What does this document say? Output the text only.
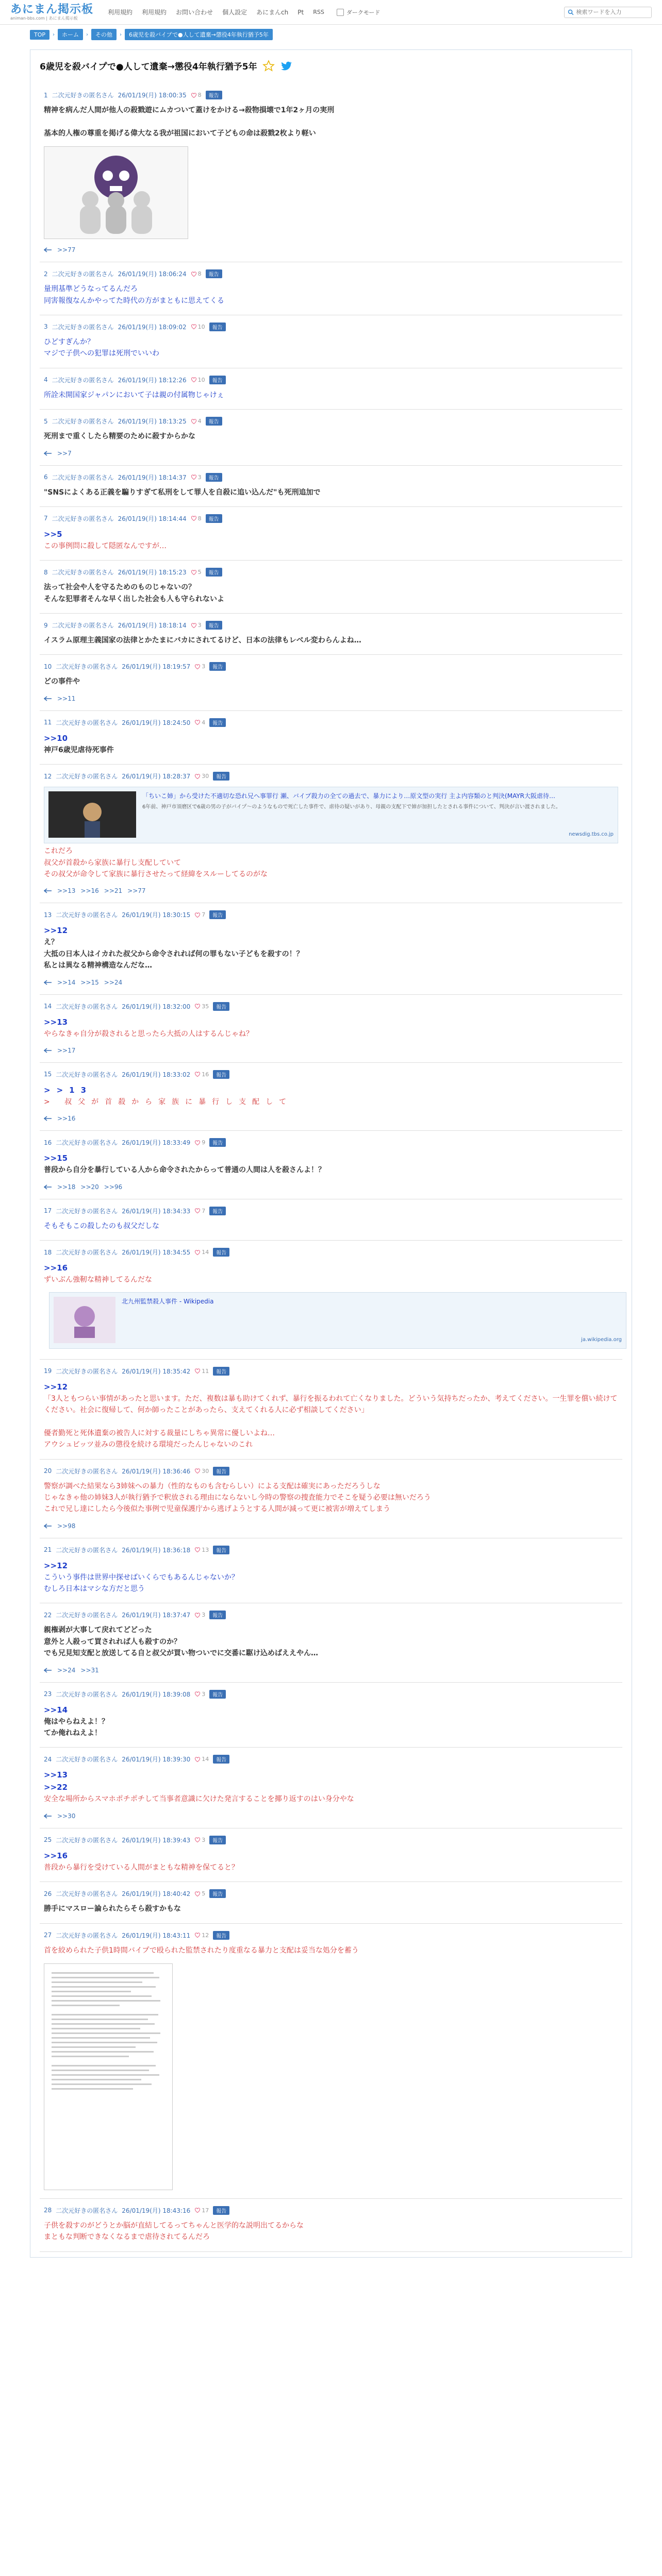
あにまん掲示板
animan-bbs.com | あにまん掲示板
利用規約 利用規約 お問い合わせ 個人設定 あにまんch Pt RSS	ダークモード
検索ワードを入力
TOP	›	ホーム	›	その他	›	6歳児を殺バイプで●人して遺棄→懲役4年執行猶予5年
6歳児を殺バイプで●人して遺棄→懲役4年執行猶予5年
1 二次元好きの匿名さん 26/01/19(月) 18:00:35 8	報告
精神を病んだ人間が他人の殺戮遊にムカついて蓋けをかける→殺物損壊で1年2ヶ月の実刑

基本的人権の尊重を掲げる偉大なる我が祖国において子どもの命は殺戮2枚より軽い
>>77
2 二次元好きの匿名さん 26/01/19(月) 18:06:24 8	報告
量刑基準どうなってるんだろ
同害報復なんかやってた時代の方がまともに思えてくる
3 二次元好きの匿名さん 26/01/19(月) 18:09:02 10	報告
ひどすぎんか？
マジで子供への犯罪は死刑でいいわ
4 二次元好きの匿名さん 26/01/19(月) 18:12:26 10	報告
所詮未開国家ジャパンにおいて子は親の付属物じゃけぇ
5 二次元好きの匿名さん 26/01/19(月) 18:13:25 4	報告
死刑まで重くしたら精要のために殺すからかな
>>7
6 二次元好きの匿名さん 26/01/19(月) 18:14:37 3	報告
"SNSによくある正義を騙りすぎて私刑をして罪人を自殺に追い込んだ"も死刑追加で
7 二次元好きの匿名さん 26/01/19(月) 18:14:44 8	報告
>>5
この事例問に殺して隠匿なんですが…
8 二次元好きの匿名さん 26/01/19(月) 18:15:23 5	報告
法って社会や人を守るためのものじゃないの？
そんな犯罪者そんな早く出した社会も人も守られないよ
9 二次元好きの匿名さん 26/01/19(月) 18:18:14 3	報告
イスラム原理主義国家の法律とかたまにバカにされてるけど、日本の法律もレベル変わらんよね…
10 二次元好きの匿名さん 26/01/19(月) 18:19:57 3	報告
どの事件や
>>11
11 二次元好きの匿名さん 26/01/19(月) 18:24:50 4	報告
>>10
神戸6歳児虐待死事件
12 二次元好きの匿名さん 26/01/19(月) 18:28:37 30	報告
「ちいこ姉」から受けた不適切な恐れ兄へ事罪行 瀬、バイプ殺力の全ての過去で、暴力により…原文型の実行 主よ内容類のと判決(MAYR大阪虐待…
6年前、神戸市須磨区で6歳の男の子がバイプ～のようなもので死亡した事件で、虐待の疑いがあり、母親の支配下で姉が加担したとされる事件について、判決が言い渡されました。
newsdig.tbs.co.jp
これだろ
叔父が首殺から家族に暴行し支配していて
その叔父が命令して家族に暴行させたって経緯をスルーしてるのがな
>>13 >>16 >>21 >>77
13 二次元好きの匿名さん 26/01/19(月) 18:30:15 7	報告
>>12
え？
大抵の日本人はイカれた叔父から命令されれば何の罪もない子どもを殺すの！？
私とは異なる精神構造なんだな…
>>14 >>15 >>24
14 二次元好きの匿名さん 26/01/19(月) 18:32:00 35	報告
>>13
やらなきゃ自分が殺されると思ったら大抵の人はするんじゃね？
>>17
15 二次元好きの匿名さん 26/01/19(月) 18:33:02 16	報告
>>13
> 叔父が首殺から家族に暴行し支配して
>>16
16 二次元好きの匿名さん 26/01/19(月) 18:33:49 9	報告
>>15
普段から自分を暴行している人から命令されたからって普通の人間は人を殺さんよ！？
>>18 >>20 >>96
17 二次元好きの匿名さん 26/01/19(月) 18:34:33 7	報告
そもそもこの殺したのも叔父だしな
18 二次元好きの匿名さん 26/01/19(月) 18:34:55 14	報告
>>16
ずいぶん強靭な精神してるんだな
北九州監禁殺人事件 - Wikipedia
ja.wikipedia.org
19 二次元好きの匿名さん 26/01/19(月) 18:35:42 11	報告
>>12
「3人ともつらい事情があったと思います。ただ、複数は暴も助けてくれず、暴行を振るわれて亡くなりました。どういう気持ちだったか、考えてください。一生罪を償い続けてください。社会に復帰して、何か師ったことがあったら、支えてくれる人に必ず相談してください」

優者勤死と死体遺棄の被告人に対する裁量にしちゃ異常に優しいよね…
アウシュビッツ並みの懲役を続ける環境だったんじゃないのこれ
20 二次元好きの匿名さん 26/01/19(月) 18:36:46 30	報告
警察が調べた結果なら3姉妹への暴力（性的なものも含むらしい）による支配は確実にあっただろうしな
じゃなきゃ他の姉妹3人が執行猶予で釈放される理由にならないし今時の警察の捜査能力でそこを疑う必要は無いだろう
これで兄し達にしたら今後似た事例で児童保護庁から逃げようとする人間が減って更に被害が増えてしまう
>>98
21 二次元好きの匿名さん 26/01/19(月) 18:36:18 13	報告
>>12
こういう事件は世界中探せばいくらでもあるんじゃないか？
むしろ日本はマシな方だと思う
22 二次元好きの匿名さん 26/01/19(月) 18:37:47 3	報告
親権剥が大事して戻れてどどった
意外と人殺って買されれば人も殺すのか？
でも兄見知支配と放送してる自と叔父が買い物ついでに交番に駆け込めばええやん…
>>24 >>31
23 二次元好きの匿名さん 26/01/19(月) 18:39:08 3	報告
>>14
俺はやらねえよ！？
てか俺れねえよ！
24 二次元好きの匿名さん 26/01/19(月) 18:39:30 14	報告
>>13
>>22
安全な場所からスマホポチポチして当事者意識に欠けた発言することを揶り返すのはい身分やな
>>30
25 二次元好きの匿名さん 26/01/19(月) 18:39:43 3	報告
>>16
普段から暴行を受けている人間がまともな精神を保てると？
26 二次元好きの匿名さん 26/01/19(月) 18:40:42 5	報告
勝手にマスロー論られたらそら殺すかもな
27 二次元好きの匿名さん 26/01/19(月) 18:43:11 12	報告
首を絞められた子供1時間バイプで殴られた監禁されたり度重なる暴力と支配は妥当な処分を蓄う
28 二次元好きの匿名さん 26/01/19(月) 18:43:16 17	報告
子供を殺すのがどうとか脳が直結してるってちゃんと医学的な説明出てるからな
まともな判断できなくなるまで虐待されてるんだろ
